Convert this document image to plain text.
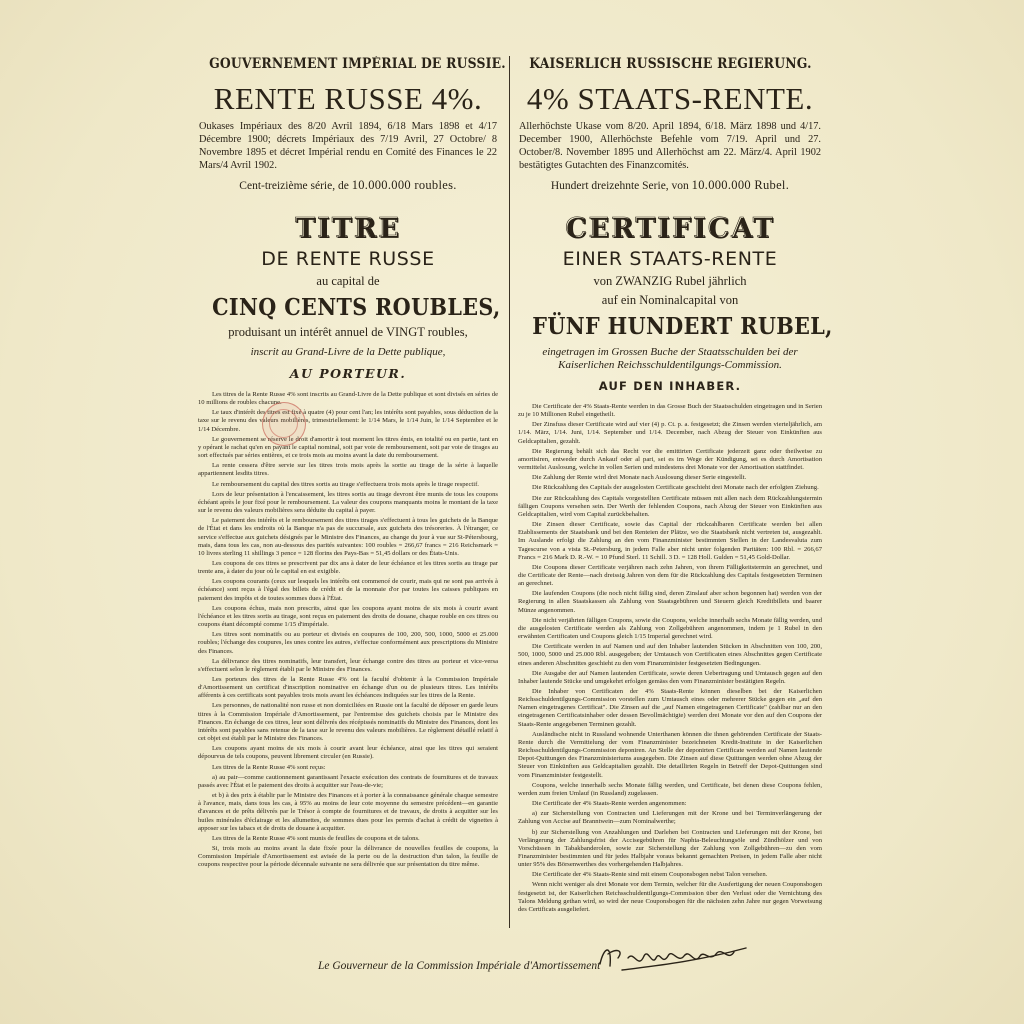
GOUVERNEMENT IMPÉRIAL DE RUSSIE.
RENTE RUSSE 4%.
Oukases Impériaux des 8/20 Avril 1894, 6/18 Mars 1898 et 4/17 Décembre 1900; décrets Impériaux des 7/19 Avril, 27 Octobre/ 8 Novembre 1895 et décret Impérial rendu en Comité des Finances le 22 Mars/4 Avril 1902.
Cent-treizième série, de 10.000.000 roubles.
TITRE
DE RENTE RUSSE
au capital de
CINQ CENTS ROUBLES,
produisant un intérêt annuel de VINGT roubles,
inscrit au Grand-Livre de la Dette publique,
AU PORTEUR.

Les titres de la Rente Russe 4% sont inscrits au Grand-Livre de la Dette publique et sont divisés en séries de 10 millions de roubles chacune.

Le taux d'intérêt des titres est fixé à quatre (4) pour cent l'an; les intérêts sont payables, sous déduction de la taxe sur le revenu des valeurs mobilières, trimestriellement: le 1/14 Mars, le 1/14 Juin, le 1/14 Septembre et le 1/14 Décembre.

Le gouvernement se réserve le droit d'amortir à tout moment les titres émis, en totalité ou en partie, tant en y opérant le rachat qu'en en payant le capital nominal, soit par voie de remboursement, soit par voie de tirages au sort effectués par séries entières, et ce trois mois au moins avant la date du remboursement.

La rente cessera d'être servie sur les titres trois mois après la sortie au tirage de la série à laquelle appartiennent lesdits titres.

Le remboursement du capital des titres sortis au tirage s'effectuera trois mois après le tirage respectif.

Lors de leur présentation à l'encaissement, les titres sortis au tirage devront être munis de tous les coupons échéant après le jour fixé pour le remboursement. La valeur des coupons manquants moins le montant de la taxe sur le revenu des valeurs mobilières sera déduite du capital à payer.

Le paiement des intérêts et le remboursement des titres tirages s'effectuent à tous les guichets de la Banque de l'État et dans les endroits où la Banque n'a pas de succursale, aux guichets des trésoreries. À l'étranger, ce service s'effectue aux guichets désignés par le Ministre des Finances, au change du jour à vue sur St-Pétersbourg, mais, dans tous les cas, non au-dessous des parités suivantes: 100 roubles = 266,67 francs = 216 Reichsmark = 10 livres sterling 11 shillings 3 pence = 128 florins des Pays-Bas = 51,45 dollars or des États-Unis.

Les coupons de ces titres se prescrivent par dix ans à dater de leur échéance et les titres sortis au tirage par trente ans, à dater du jour où le capital en est exigible.

Les coupons courants (ceux sur lesquels les intérêts ont commencé de courir, mais qui ne sont pas arrivés à échéance) sont reçus à l'égal des billets de crédit et de la monnaie d'or par toutes les caisses publiques en paiement des impôts et de toutes sommes dues à l'État.

Les coupons échus, mais non prescrits, ainsi que les coupons ayant moins de six mois à courir avant l'échéance et les titres sortis au tirage, sont reçus en paiement des droits de douane, chaque rouble en ces titres ou coupons étant décompté comme 1/15 d'impériale.

Les titres sont nominatifs ou au porteur et divisés en coupures de 100, 200, 500, 1000, 5000 et 25.000 roubles; l'échange des coupures, les unes contre les autres, s'effectue conformément aux prescriptions du Ministre des Finances.

La délivrance des titres nominatifs, leur transfert, leur échange contre des titres au porteur et vice-versa s'effectuent selon le règlement établi par le Ministre des Finances.

Les porteurs des titres de la Rente Russe 4% ont la faculté d'obtenir à la Commission Impériale d'Amortissement un certificat d'inscription nominative en échange d'un ou de plusieurs titres. Les intérêts afférents à ces certificats sont payables trois mois avant les échéances indiquées sur les titres de la Rente.

Les personnes, de nationalité non russe et non domiciliées en Russie ont la faculté de déposer en garde leurs titres à la Commission Impériale d'Amortissement, par l'entremise des guichets choisis par le Ministre des Finances. En échange de ces titres, leur sont délivrés des récépissés nominatifs du Ministre des Finances, dont les intérêts sont payables sans retenue de la taxe sur le revenu des valeurs mobilières. Le règlement détaillé relatif à cet objet est établi par le Ministre des Finances.

Les coupons ayant moins de six mois à courir avant leur échéance, ainsi que les titres qui seraient dépourvus de tels coupons, peuvent librement circuler (en Russie).

Les titres de la Rente Russe 4% sont reçus:

a) au pair—comme cautionnement garantissant l'exacte exécution des contrats de fournitures et de travaux passés avec l'État et le paiement des droits à acquitter sur l'eau-de-vie;

et b) à des prix à établir par le Ministre des Finances et à porter à la connaissance générale chaque semestre à l'avance, mais, dans tous les cas, à 95% au moins de leur cote moyenne du semestre précédent—en garantie d'avances et de prêts délivrés par le Trésor à compte de fournitures et de travaux, de droits à acquitter sur les huiles minérales d'éclairage et les allumettes, de sommes dues pour les permis d'achat à crédit de vignettes à apposer sur les tabacs et de droits de douane à acquitter.

Les titres de la Rente Russe 4% sont munis de feuilles de coupons et de talons.

Si, trois mois au moins avant la date fixée pour la délivrance de nouvelles feuilles de coupons, la Commission Impériale d'Amortissement est avisée de la perte ou de la destruction d'un talon, la feuille de coupons respective pour la période décennale suivante ne sera délivrée que sur présentation du titre même.

KAISERLICH RUSSISCHE REGIERUNG.
4% STAATS-RENTE.
Allerhöchste Ukase vom 8/20. April 1894, 6/18. März 1898 und 4/17. December 1900, Allerhöchste Befehle vom 7/19. April und 27. October/8. November 1895 und Allerhöchst am 22. März/4. April 1902 bestätigtes Gutachten des Finanzcomités.
Hundert dreizehnte Serie, von 10.000.000 Rubel.
CERTIFICAT
EINER STAATS-RENTE
von ZWANZIG Rubel jährlich
auf ein Nominalcapital von
FÜNF HUNDERT RUBEL,
eingetragen im Grossen Buche der Staatsschulden bei der Kaiserlichen Reichsschuldentilgungs-Commission.
AUF DEN INHABER.

Die Certificate der 4% Staats-Rente werden in das Grosse Buch der Staatsschulden eingetragen und in Serien zu je 10 Millionen Rubel eingetheilt.

Der Zinsfuss dieser Certificate wird auf vier (4) p. Ct. p. a. festgesetzt; die Zinsen werden vierteljährlich, am 1/14. März, 1/14. Juni, 1/14. September und 1/14. December, nach Abzug der Steuer von Einkünften aus Geldcapitalien, gezahlt.

Die Regierung behält sich das Recht vor die emittirten Certificate jederzeit ganz oder theilweise zu amortisiren, entweder durch Ankauf oder al pari, sei es im Wege der Kündigung, sei es durch Amortisation vermittelst Auslosung, welche in vollen Serien und mindestens drei Monate vor der Amortisation stattfindet.

Die Zahlung der Rente wird drei Monate nach Auslosung dieser Serie eingestellt.

Die Rückzahlung des Capitals der ausgelosten Certificate geschieht drei Monate nach der erfolgten Ziehung.

Die zur Rückzahlung des Capitals vorgestellten Certificate müssen mit allen nach dem Rückzahlungstermin fälligen Coupons versehen sein. Der Werth der fehlenden Coupons, nach Abzug der Steuer von Einkünften aus Geldcapitalien, wird vom Capital zurückbehalten.

Die Zinsen dieser Certificate, sowie das Capital der rückzahlbaren Certificate werden bei allen Etablissements der Staatsbank und bei den Renteien der Plätze, wo die Staatsbank nicht vertreten ist, ausgezahlt. Im Auslande erfolgt die Zahlung an den vom Finanzminister bestimmten Stellen in der Landesvaluta zum Tagescurse von a vista St.-Petersburg, in jedem Falle aber nicht unter folgenden Paritäten: 100 Rbl. = 266,67 Francs = 216 Mark D. R.-W. = 10 Pfund Sterl. 11 Schill. 3 D. = 128 Holl. Gulden = 51,45 Gold-Dollar.

Die Coupons dieser Certificate verjähren nach zehn Jahren, von ihrem Fälligkeitstermin an gerechnet, und die Certificate der Rente—nach dreissig Jahren von dem für die Rückzahlung des Capitals festgesetzten Terminen an gerechnet.

Die laufenden Coupons (die noch nicht fällig sind, deren Zinslauf aber schon begonnen hat) werden von der Regierung in allen Staatskassen als Zahlung von Staatsgebühren und Steuern gleich Kreditbillets und baarer Münze angenommen.

Die nicht verjährten fälligen Coupons, sowie die Coupons, welche innerhalb sechs Monate fällig werden, und die ausgelosten Certificate werden als Zahlung von Zollgebühren angenommen, indem je 1 Rubel in den erwähnten Certificaten und Coupons gleich 1/15 Imperial gerechnet wird.

Die Certificate werden in auf Namen und auf den Inhaber lautenden Stücken in Abschnitten von 100, 200, 500, 1000, 5000 und 25.000 Rbl. ausgegeben; der Umtausch von Certificaten eines Abschnittes gegen Certificate eines anderen Abschnittes geschieht zu den vom Finanzminister festgesetzten Bedingungen.

Die Ausgabe der auf Namen lautenden Certificate, sowie deren Uebertragung und Umtausch gegen auf den Inhaber lautende Stücke und umgekehrt erfolgen gemäss den vom Finanzminister bestätigten Regeln.

Die Inhaber von Certificaten der 4% Staats-Rente können dieselben bei der Kaiserlichen Reichsschuldentilgungs-Commission vorstellen zum Umtausch eines oder mehrerer Stücke gegen ein „auf den Namen eingetragenes Certificat". Die Zinsen auf die „auf Namen eingetragenen Certificate" (zahlbar nur an den eingetragenen Certificatsinhaber oder dessen Bevollmächtigte) werden drei Monate vor den auf den Coupons der Staats-Rente angegebenen Terminen gezahlt.

Ausländische nicht in Russland wohnende Unterthanen können die ihnen gehörenden Certificate der Staats-Rente durch die Vermittelung der vom Finanzminister bezeichneten Kredit-Institute in der Kaiserlichen Reichsschuldentilgungs-Commission deponiren. An Stelle der deponirten Certificate werden auf Namen lautende Depot-Quittungen des Finanzministeriums ausgegeben. Die Zinsen auf diese Quittungen werden ohne Abzug der Steuer von Einkünften aus Geldcapitalien gezahlt. Die detaillirten Regeln in Betreff der Depot-Quittungen sind vom Finanzminister festgestellt.

Coupons, welche innerhalb sechs Monate fällig werden, und Certificate, bei denen diese Coupons fehlen, werden zum freien Umlauf (in Russland) zugelassen.

Die Certificate der 4% Staats-Rente werden angenommen:

a) zur Sicherstellung von Contracten und Lieferungen mit der Krone und bei Terminverlängerung der Zahlung von Accise auf Branntwein—zum Nominalwerthe;

b) zur Sicherstellung von Anzahlungen und Darlehen bei Contracten und Lieferungen mit der Krone, bei Verlängerung der Zahlungsfrist der Accisegebühren für Naphta-Beleuchtungsöle und Zündhölzer und von Vorschüssen in Tabakbanderolen, sowie zur Sicherstellung der Zahlung von Zollgebühren—zu den vom Finanzminister bestimmten und für jedes Halbjahr voraus bekannt gemachten Preisen, in jedem Falle aber nicht unter 95% des Börsenwerthes des vorhergehenden Halbjahres.

Die Certificate der 4% Staats-Rente sind mit einem Couponsbogen nebst Talon versehen.

Wenn nicht weniger als drei Monate vor dem Termin, welcher für die Ausfertigung der neuen Couponsbogen festgesetzt ist, der Kaiserlichen Reichsschuldentilgungs-Commission über den Verlust oder die Vernichtung des Talons Meldung gethan wird, so wird der neue Couponsbogen für die nächsten zehn Jahre nur gegen Vorweisung des Certificats ausgeliefert.

Le Gouverneur de la Commission Impériale d'Amortissement
